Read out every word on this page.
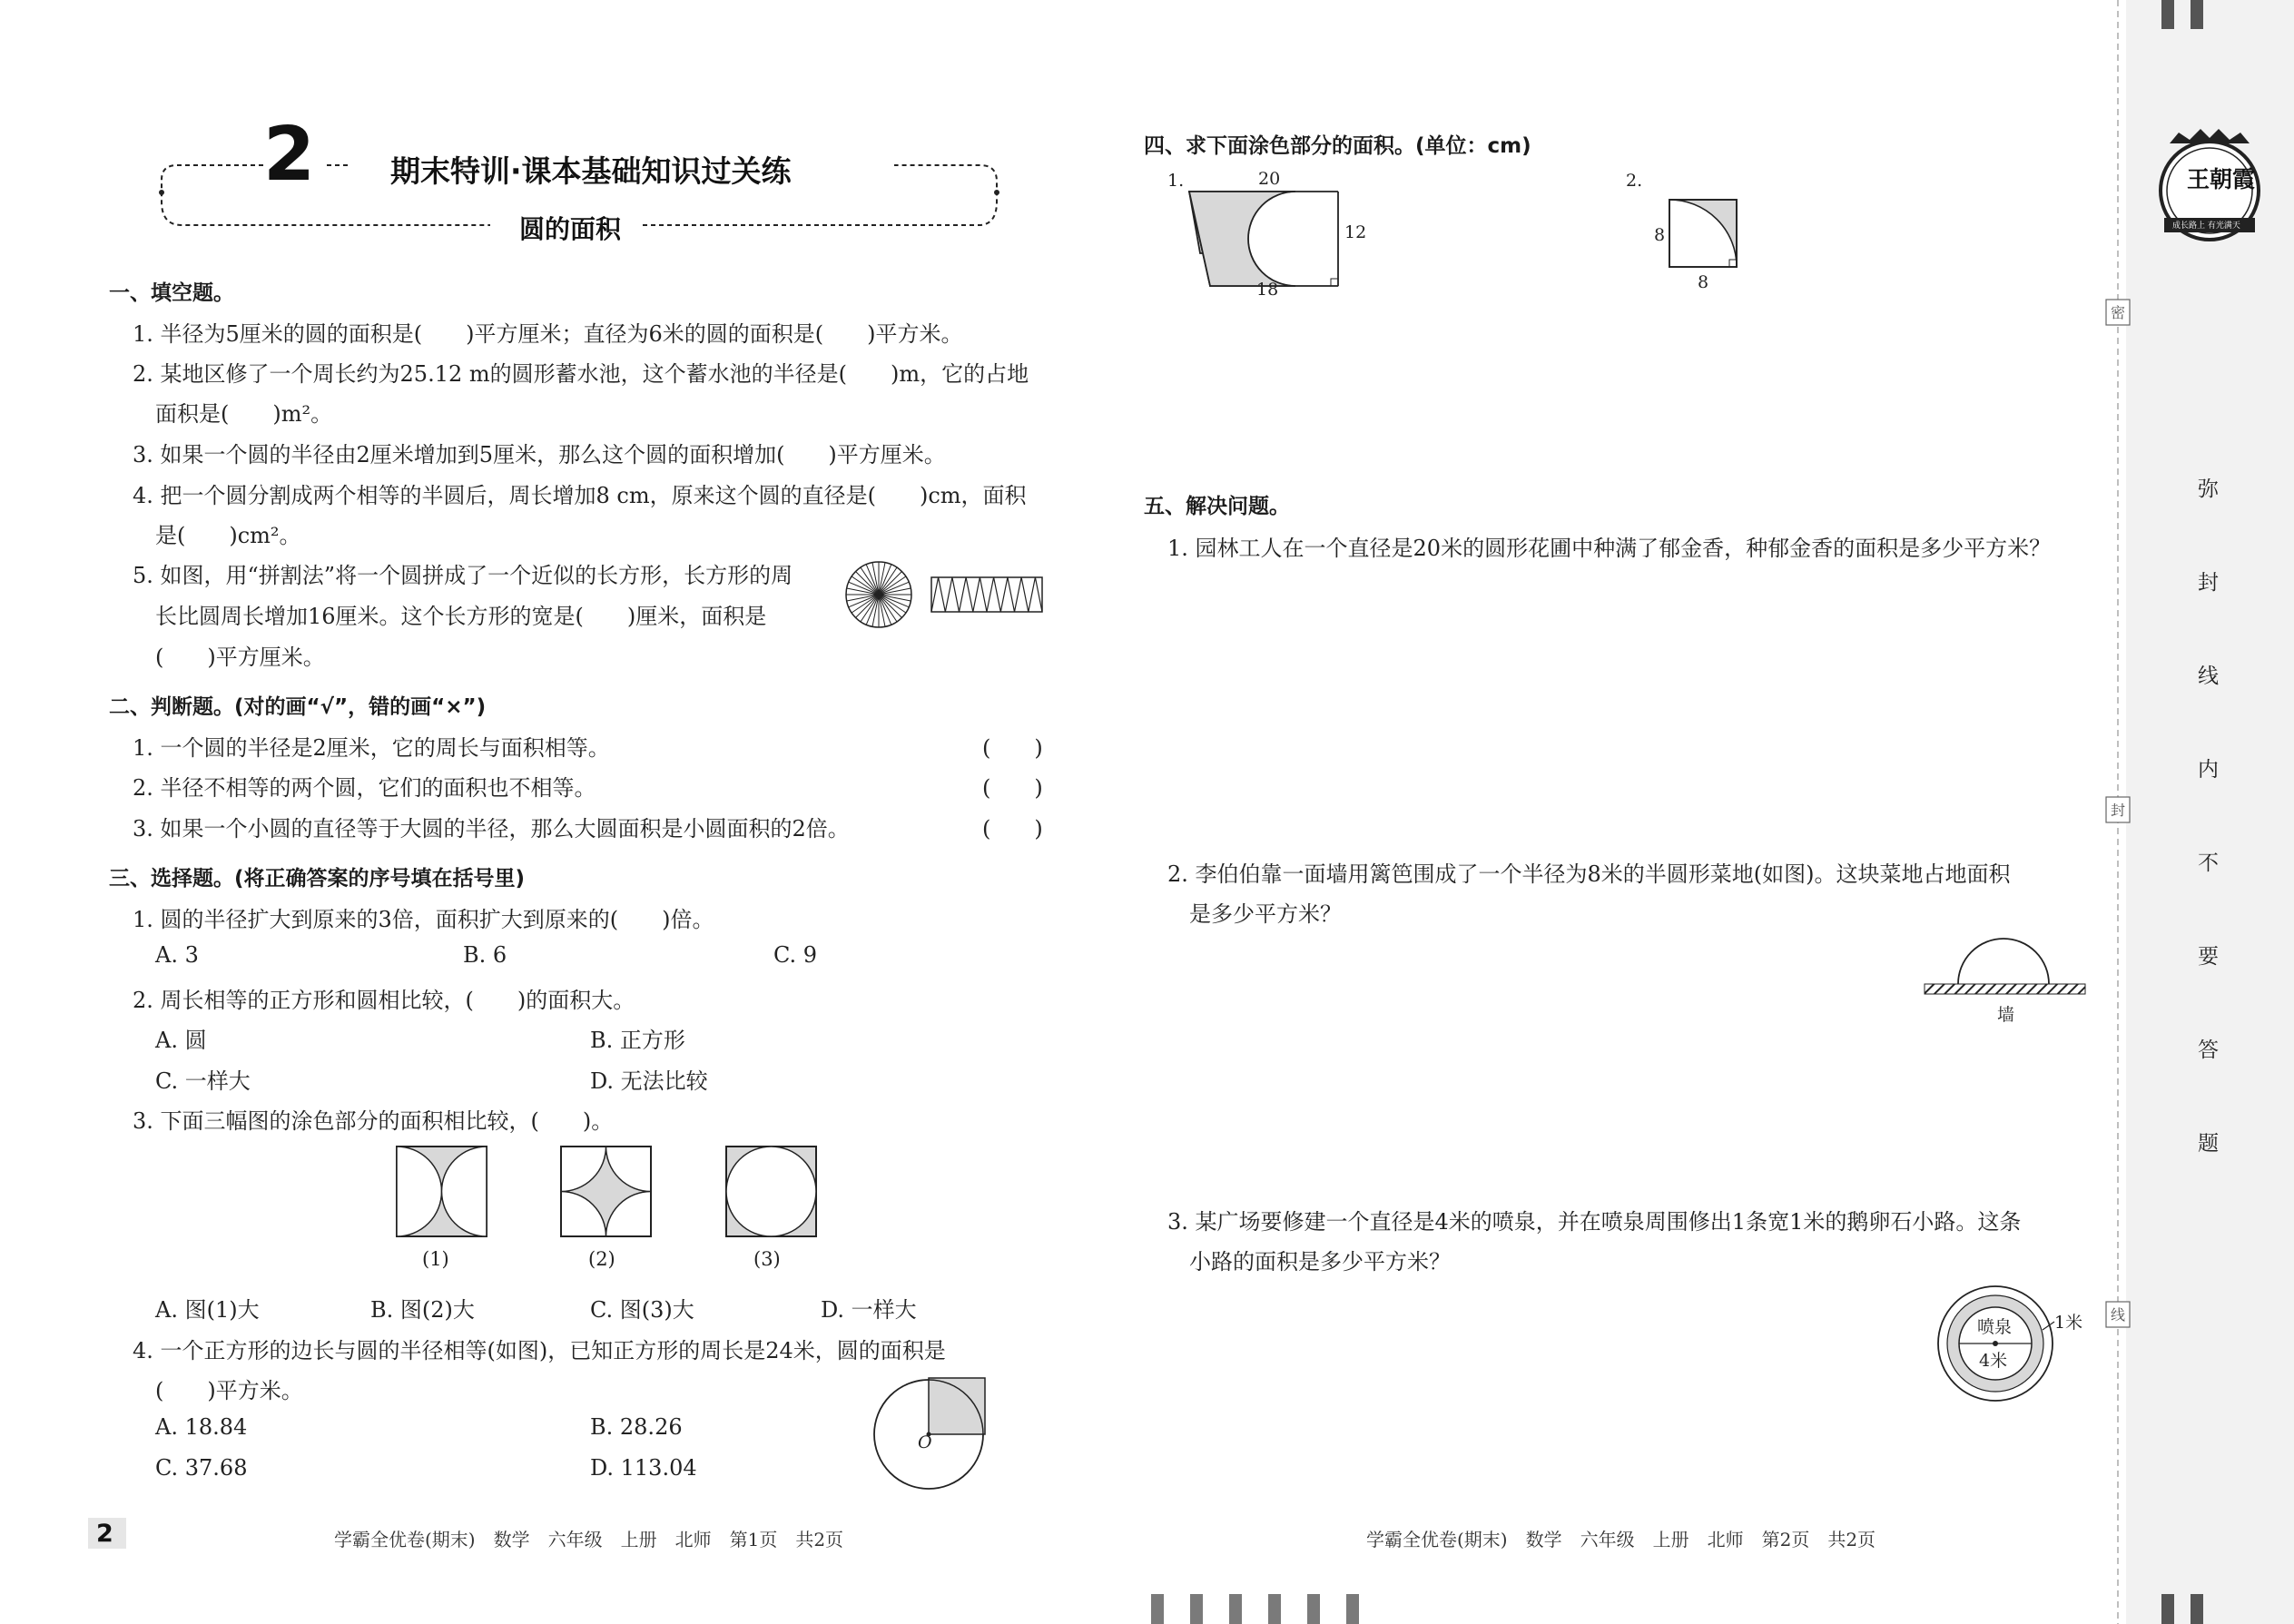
2	期末特训·课本基础知识过关练
圆的面积
一、填空题。
1. 半径为5厘米的圆的面积是(　　)平方厘米；直径为6米的圆的面积是(　　)平方米。
2. 某地区修了一个周长约为25.12 m的圆形蓄水池，这个蓄水池的半径是(　　)m，它的占地
面积是(　　)m²。
3. 如果一个圆的半径由2厘米增加到5厘米，那么这个圆的面积增加(　　)平方厘米。
4. 把一个圆分割成两个相等的半圆后，周长增加8 cm，原来这个圆的直径是(　　)cm，面积
是(　　)cm²。
5. 如图，用“拼割法”将一个圆拼成了一个近似的长方形，长方形的周
长比圆周长增加16厘米。这个长方形的宽是(　　)厘米，面积是
(　　)平方厘米。
二、判断题。(对的画“√”，错的画“×”)
1. 一个圆的半径是2厘米，它的周长与面积相等。	(　　)
2. 半径不相等的两个圆，它们的面积也不相等。	(　　)
3. 如果一个小圆的直径等于大圆的半径，那么大圆面积是小圆面积的2倍。	(　　)
三、选择题。(将正确答案的序号填在括号里)
1. 圆的半径扩大到原来的3倍，面积扩大到原来的(　　)倍。
A. 3	B. 6	C. 9
2. 周长相等的正方形和圆相比较，(　　)的面积大。
A. 圆	B. 正方形
C. 一样大	D. 无法比较
3. 下面三幅图的涂色部分的面积相比较，(　　)。
(1)	(2)	(3)
A. 图(1)大	B. 图(2)大	C. 图(3)大	D. 一样大
4. 一个正方形的边长与圆的半径相等(如图)，已知正方形的周长是24米，圆的面积是
(　　)平方米。
A. 18.84	B. 28.26
C. 37.68	D. 113.04
O
2	学霸全优卷(期末)　数学　六年级　上册　北师　第1页　共2页
四、求下面涂色部分的面积。(单位：cm)
1.	20
12
18
2.
8
8
五、解决问题。
1. 园林工人在一个直径是20米的圆形花圃中种满了郁金香，种郁金香的面积是多少平方米？
2. 李伯伯靠一面墙用篱笆围成了一个半径为8米的半圆形菜地(如图)。这块菜地占地面积
是多少平方米？
墙
3. 某广场要修建一个直径是4米的喷泉，并在喷泉周围修出1条宽1米的鹅卵石小路。这条
小路的面积是多少平方米？
喷泉
4米
1米
学霸全优卷(期末)　数学　六年级　上册　北师　第2页　共2页
王朝霞
成长路上 有光满天
密
封
线
弥
封
线
内
不
要
答
题
